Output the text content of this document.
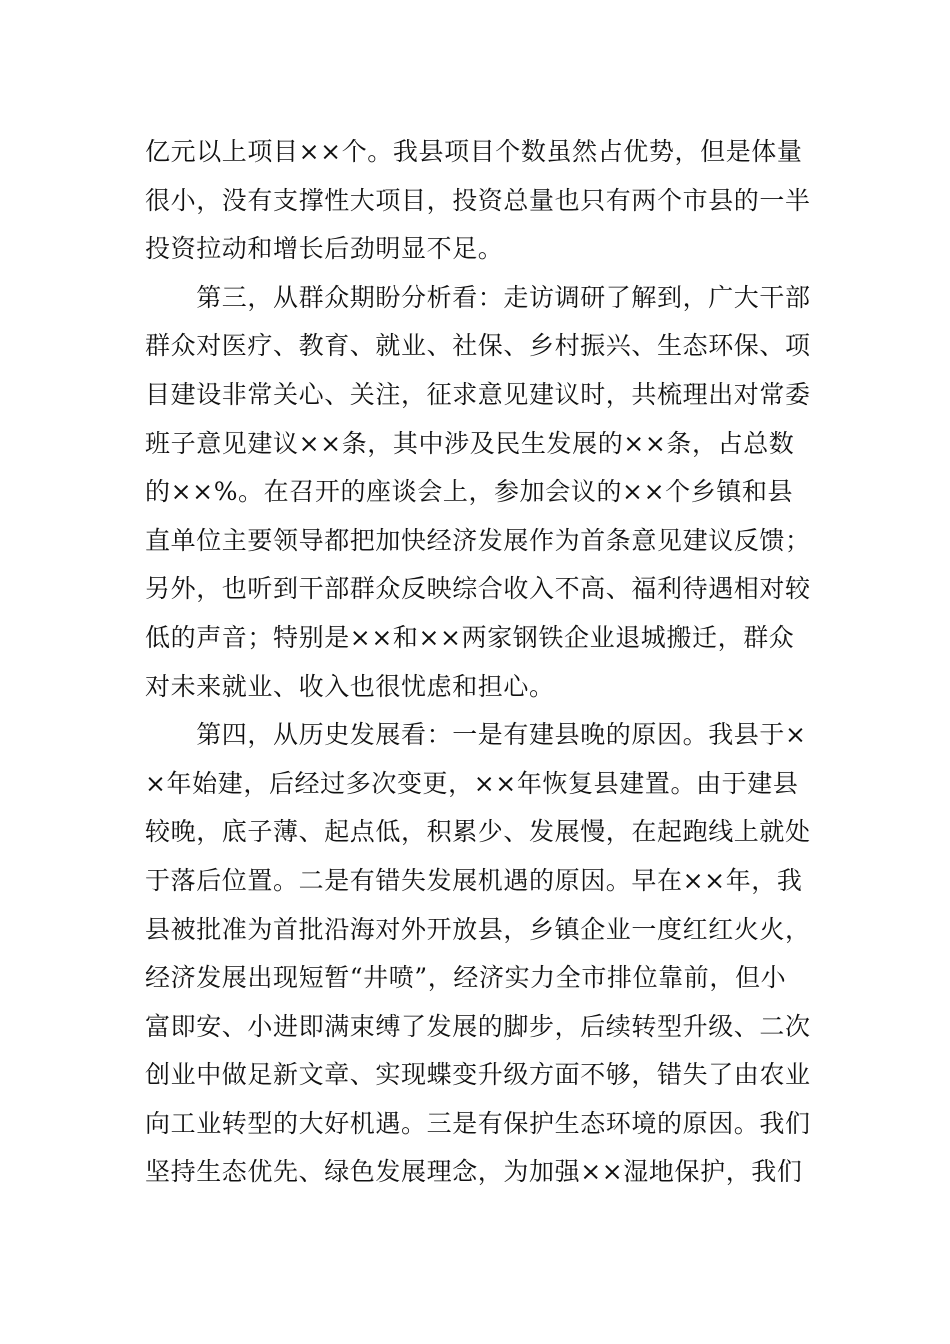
亿元以上项目××个。我县项目个数虽然占优势，但是体量
很小，没有支撑性大项目，投资总量也只有两个市县的一半
投资拉动和增长后劲明显不足。
　　第三，从群众期盼分析看：走访调研了解到，广大干部
群众对医疗、教育、就业、社保、乡村振兴、生态环保、项
目建设非常关心、关注，征求意见建议时，共梳理出对常委
班子意见建议××条，其中涉及民生发展的××条，占总数
的××%。在召开的座谈会上，参加会议的××个乡镇和县
直单位主要领导都把加快经济发展作为首条意见建议反馈；
另外，也听到干部群众反映综合收入不高、福利待遇相对较
低的声音；特别是××和××两家钢铁企业退城搬迁，群众
对未来就业、收入也很忧虑和担心。
　　第四，从历史发展看：一是有建县晚的原因。我县于×
×年始建，后经过多次变更，××年恢复县建置。由于建县
较晚，底子薄、起点低，积累少、发展慢，在起跑线上就处
于落后位置。二是有错失发展机遇的原因。早在××年，我
县被批准为首批沿海对外开放县，乡镇企业一度红红火火，
经济发展出现短暂“井喷”，经济实力全市排位靠前，但小
富即安、小进即满束缚了发展的脚步，后续转型升级、二次
创业中做足新文章、实现蝶变升级方面不够，错失了由农业
向工业转型的大好机遇。三是有保护生态环境的原因。我们
坚持生态优先、绿色发展理念，为加强××湿地保护，我们
